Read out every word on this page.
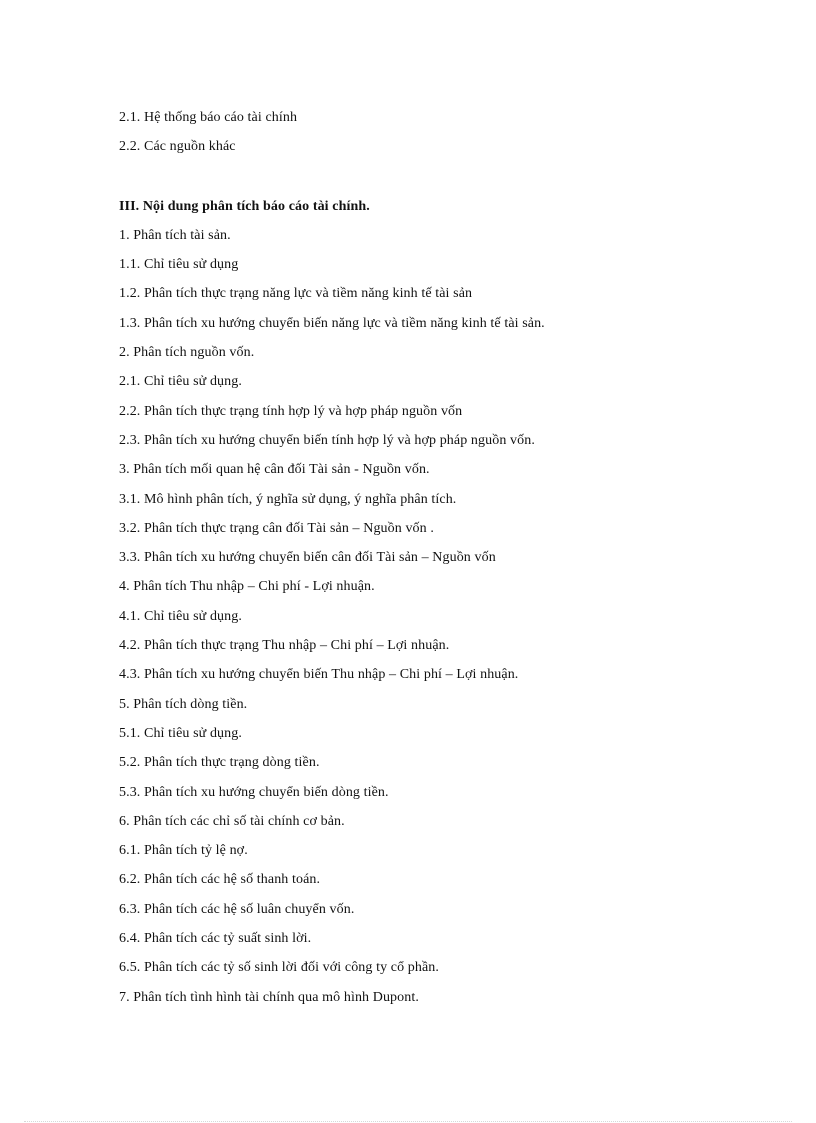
2.1. Hệ thống báo cáo tài chính
2.2. Các nguồn khác
III. Nội dung phân tích báo cáo tài chính.
1. Phân tích tài sản.
1.1. Chỉ tiêu sử dụng
1.2. Phân tích thực trạng năng lực và tiềm năng kinh tế tài sản
1.3. Phân tích xu hướng chuyển biến năng lực và tiềm năng kinh tế tài sản.
2. Phân tích nguồn vốn.
2.1. Chỉ tiêu sử dụng.
2.2. Phân tích thực trạng tính hợp lý và hợp pháp nguồn vốn
2.3. Phân tích xu hướng chuyển biến tính hợp lý và hợp pháp nguồn vốn.
3. Phân tích mối quan hệ cân đối Tài sản - Nguồn vốn.
3.1. Mô hình phân tích, ý nghĩa sử dụng, ý nghĩa phân tích.
3.2. Phân tích thực trạng cân đối Tài sản – Nguồn vốn .
3.3. Phân tích xu hướng chuyển biến cân đối Tài sản – Nguồn vốn
4. Phân tích Thu nhập – Chi phí - Lợi nhuận.
4.1. Chỉ tiêu sử dụng.
4.2. Phân tích thực trạng Thu nhập – Chi phí – Lợi nhuận.
4.3. Phân tích xu hướng chuyển biến Thu nhập – Chi phí – Lợi nhuận.
5. Phân tích dòng tiền.
5.1. Chỉ tiêu sử dụng.
5.2. Phân tích thực trạng dòng tiền.
5.3. Phân tích xu hướng chuyển biến dòng tiền.
6. Phân tích các chỉ số tài chính cơ bản.
6.1. Phân tích tỷ lệ nợ.
6.2. Phân tích các hệ số thanh toán.
6.3. Phân tích các hệ số luân chuyển vốn.
6.4. Phân tích các tỷ suất sinh lời.
6.5. Phân tích các tỷ số sinh lời đối với công ty cổ phần.
7. Phân tích tình hình tài chính qua mô hình Dupont.
